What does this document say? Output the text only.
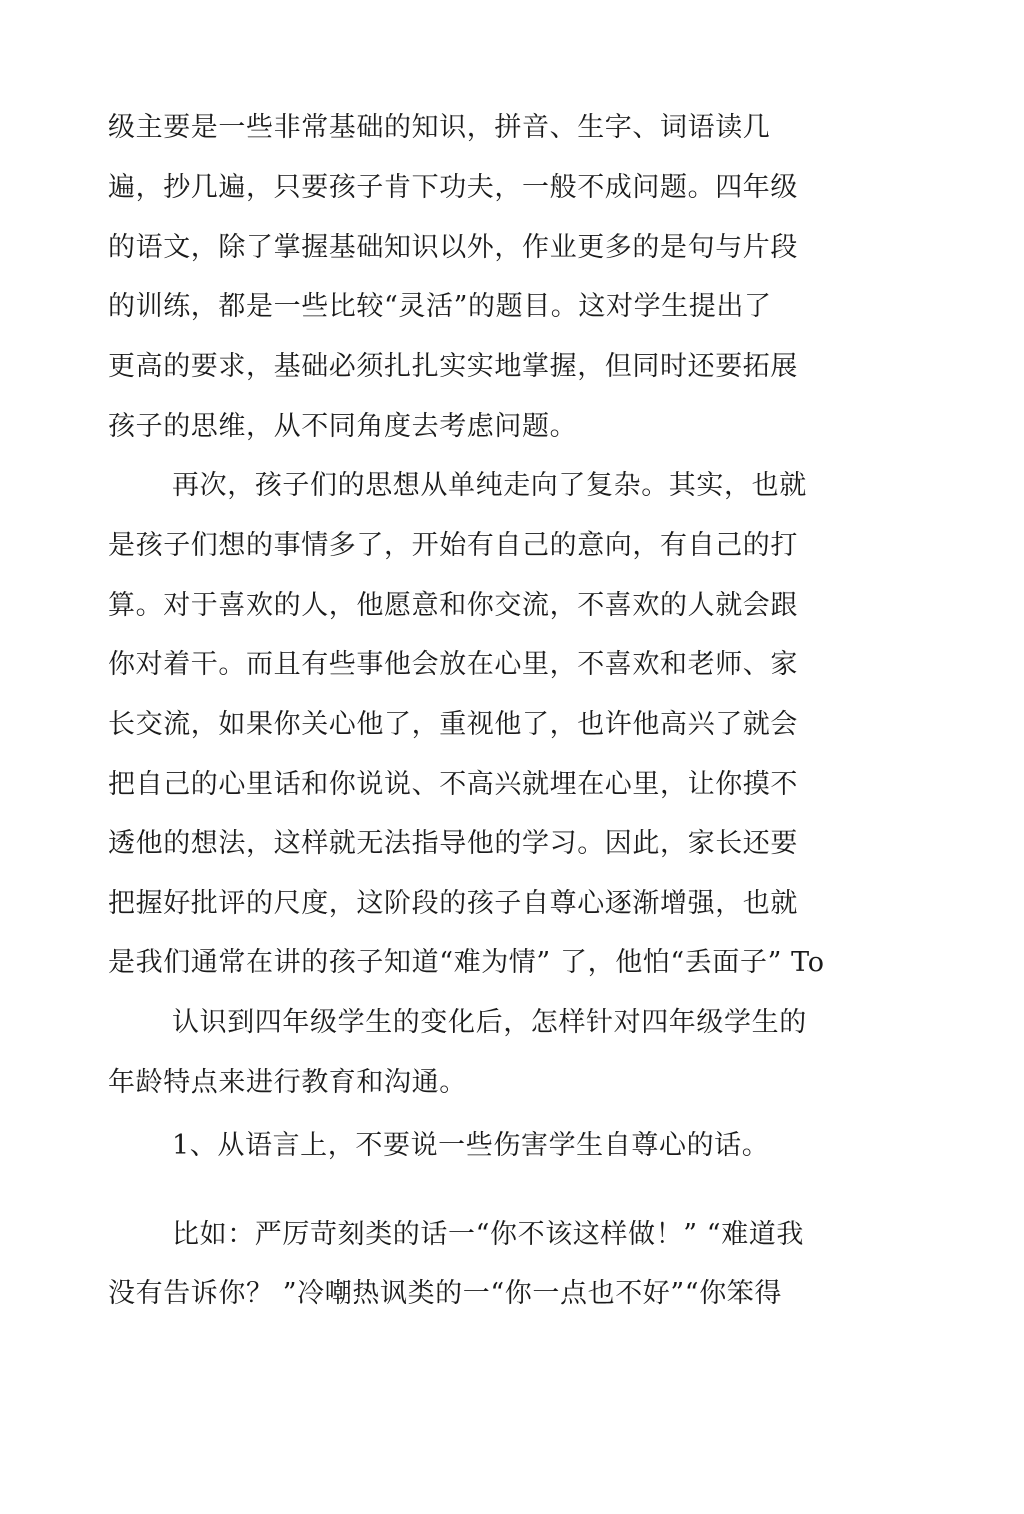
级主要是一些非常基础的知识，拼音、生字、词语读几
遍，抄几遍，只要孩子肯下功夫，一般不成问题。四年级
的语文，除了掌握基础知识以外，作业更多的是句与片段
的训练，都是一些比较“灵活”的题目。这对学生提出了
更高的要求，基础必须扎扎实实地掌握，但同时还要拓展
孩子的思维，从不同角度去考虑问题。
再次，孩子们的思想从单纯走向了复杂。其实，也就
是孩子们想的事情多了，开始有自己的意向，有自己的打
算。对于喜欢的人，他愿意和你交流，不喜欢的人就会跟
你对着干。而且有些事他会放在心里，不喜欢和老师、家
长交流，如果你关心他了，重视他了，也许他高兴了就会
把自己的心里话和你说说、不高兴就埋在心里，让你摸不
透他的想法，这样就无法指导他的学习。因此，家长还要
把握好批评的尺度，这阶段的孩子自尊心逐渐增强，也就
是我们通常在讲的孩子知道“难为情” 了，他怕“丢面子” To
认识到四年级学生的变化后，怎样针对四年级学生的
年龄特点来进行教育和沟通。
1、从语言上，不要说一些伤害学生自尊心的话。
比如：严厉苛刻类的话一“你不该这样做！” “难道我
没有告诉你？ ”冷嘲热讽类的一“你一点也不好”“你笨得
